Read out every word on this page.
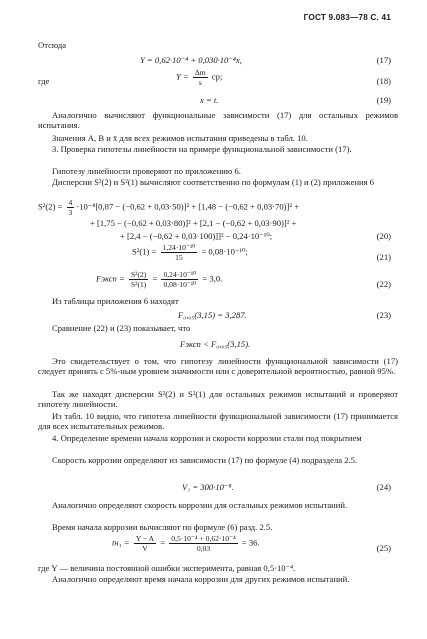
ГОСТ 9.083—78 С. 41
Отсюда
Y = 0,62·10⁻⁴ + 0,030·10⁻⁴x,	(17)
где	$Y = \frac{\Delta m}{s}$ ср;	(18)
x = t.	(19)
Аналогично вычисляют функциональные зависимости (17) для остальных режимов испытания.
Значения A, B и x̄ для всех режимов испытания приведены в табл. 10.
3. Проверка гипотезы линейности на примере функциональной зависимости (17).
Гипотезу линейности проверяют по приложению 6.
Дисперсии S²(2) и S²(1) вычисляют соответственно по формулам (1) и (2) приложения 6
$S^2(2) = \frac{4}{3} \cdot 10^{-8}[0,87 - (-0,62 + 0,03\cdot 50)]^2 + [1,48 - (-0,62 + 0,03\cdot 70)]^2$ +
+ [1,75 − (−0,62 + 0,03·80)]² + [2,1 − (−0,62 + 0,03·90)]² +
+ [2,4 − (−0,62 + 0,03·100)]]² − 0,24·10⁻¹⁰;	(20)
$S^2(1) = \frac{\text{1,24·10⁻¹⁰}}{15} = 0,08\cdot 10^{-10}$;
(21)
Fэксп = $\frac{\text{S²(2)}}{\text{S²(1)}} = \frac{\text{0,24·10⁻¹⁰}}{\text{0,08·10⁻¹⁰}} = 3,0$.
(22)
Из таблицы приложения 6 находят
F₀,₀₅(3,15) = 3,287.	(23)
Сравнение (22) и (23) показывает, что
Fэксп < F₀,₀₅(3,15).
Это свидетельствует о том, что гипотезу линейности функциональной зависимости (17) следует принять с 5%-ным уровнем значимости или с доверительной вероятностью, равной 95%.
Так же находят дисперсии S²(2) и S²(1) для остальных режимов испытаний и проверяют гипотезу линейности.
Из табл. 10 видно, что гипотеза линейности функциональной зависимости (17) принимается для всех испытательных режимов.
4. Определение времени начала коррозии и скорости коррозии стали под покрытием
Скорость коррозии определяют из зависимости (17) по формуле (4) подраздела 2.5.
V₁ = 300·10⁻⁸.	(24)
Аналогично определяют скорость коррозии для остальных режимов испытаний.
Время начала коррозии вычисляют по формуле (6) разд. 2.5.
$tн_1 = \frac{Y - A}{V} = \frac{\text{0,5·10⁻⁴ + 0,62·10⁻⁴}}{0,03} = 36$.
(25)
где Y — величина постоянной ошибки эксперимента, равная 0,5·10⁻⁴.
Аналогично определяют время начала коррозии для других режимов испытаний.
